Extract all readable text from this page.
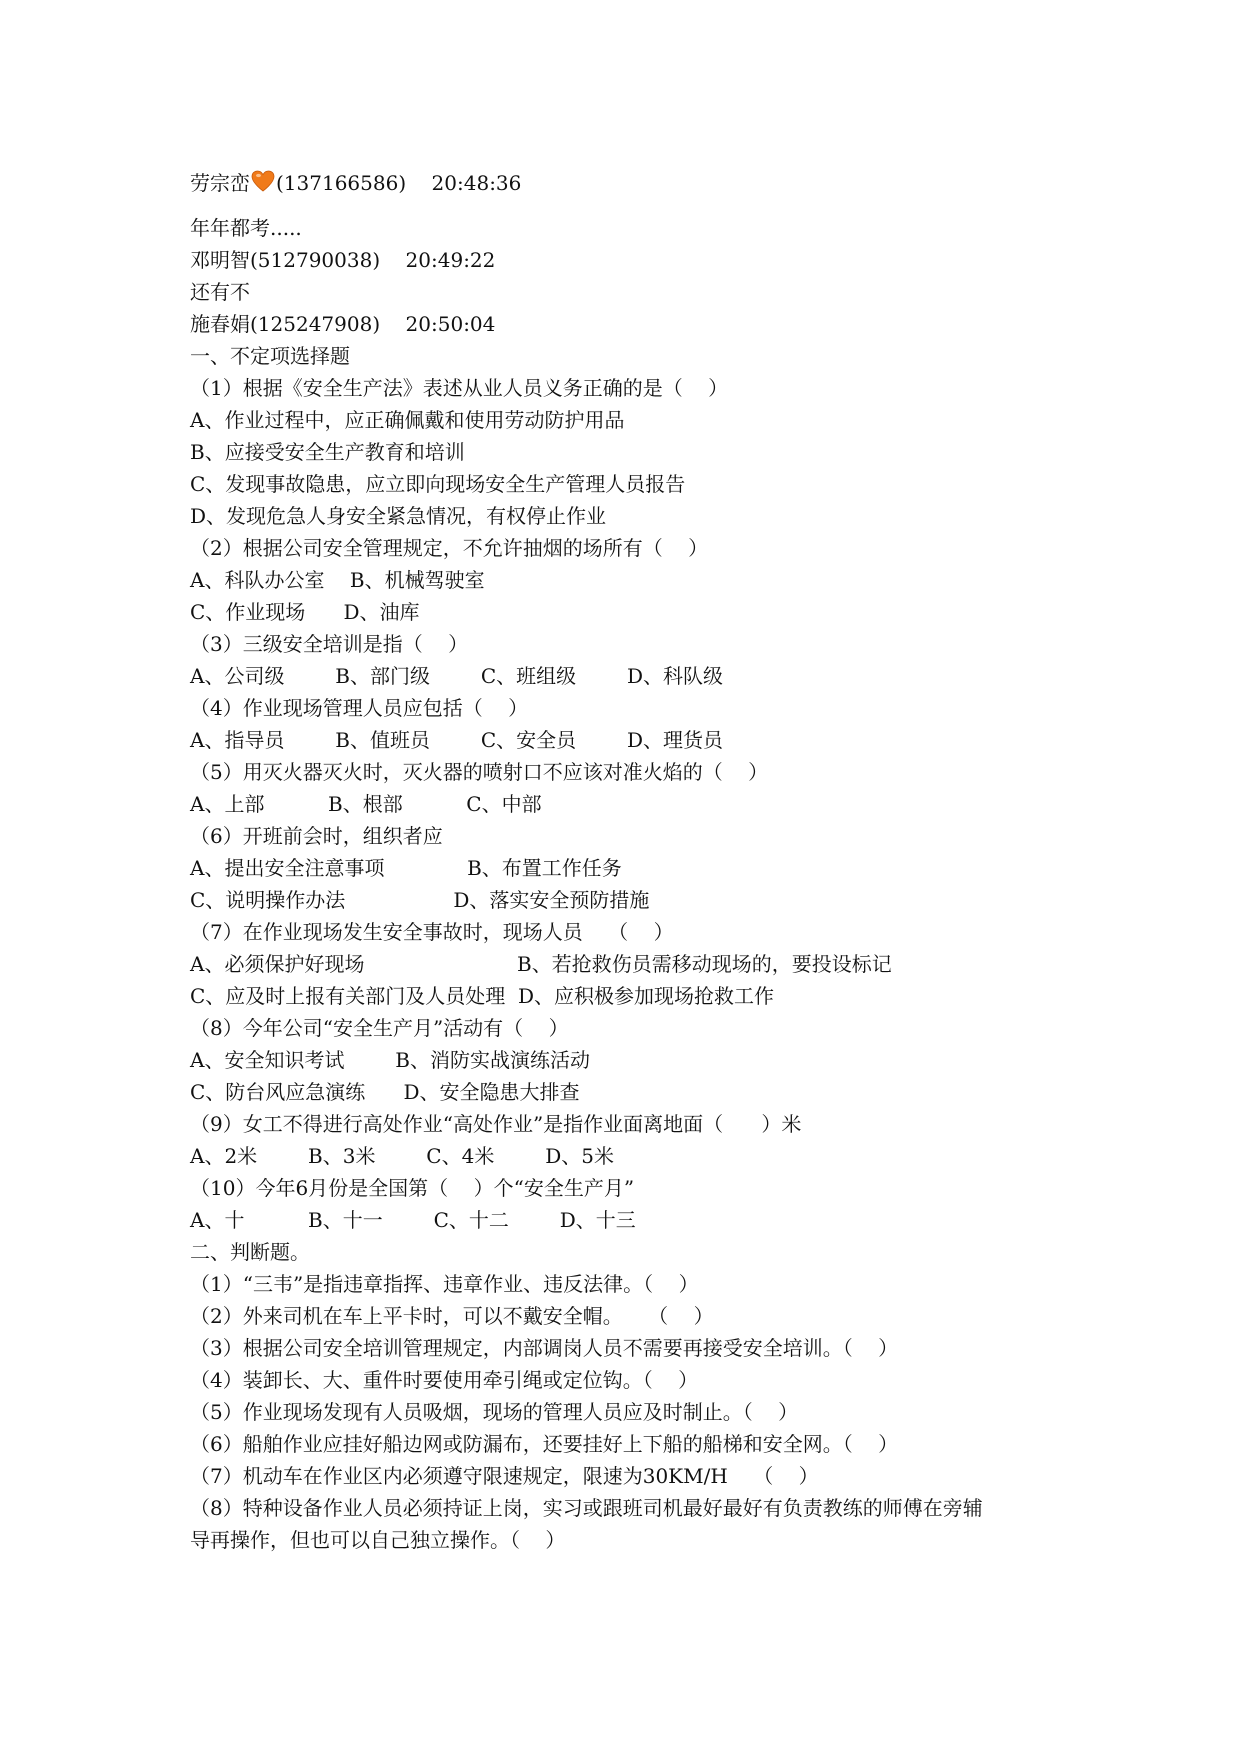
劳宗峦 (137166586)    20:48:36
年年都考.....
邓明智(512790038)    20:49:22
还有不
施春娟(125247908)    20:50:04
一、不定项选择题
（1）根据《安全生产法》表述从业人员义务正确的是（    ）
A、作业过程中，应正确佩戴和使用劳动防护用品
B、应接受安全生产教育和培训
C、发现事故隐患，应立即向现场安全生产管理人员报告
D、发现危急人身安全紧急情况，有权停止作业
（2）根据公司安全管理规定，不允许抽烟的场所有（    ）
A、科队办公室    B、机械驾驶室
C、作业现场      D、油库
（3）三级安全培训是指（    ）
A、公司级        B、部门级        C、班组级        D、科队级
（4）作业现场管理人员应包括（    ）
A、指导员        B、值班员        C、安全员        D、理货员
（5）用灭火器灭火时，灭火器的喷射口不应该对准火焰的（    ）
A、上部          B、根部          C、中部
（6）开班前会时，组织者应
A、提出安全注意事项             B、布置工作任务
C、说明操作办法                 D、落实安全预防措施
（7）在作业现场发生安全事故时，现场人员    （    ）
A、必须保护好现场                        B、若抢救伤员需移动现场的，要投设标记
C、应及时上报有关部门及人员处理  D、应积极参加现场抢救工作
（8）今年公司“安全生产月”活动有（    ）
A、安全知识考试        B、消防实战演练活动
C、防台风应急演练      D、安全隐患大排查
（9）女工不得进行高处作业“高处作业”是指作业面离地面（      ）米
A、2米        B、3米        C、4米        D、5米
（10）今年6月份是全国第（    ）个“安全生产月”
A、十          B、十一        C、十二        D、十三
二、判断题。
（1）“三韦”是指违章指挥、违章作业、违反法律。（    ）
（2）外来司机在车上平卡时，可以不戴安全帽。    （    ）
（3）根据公司安全培训管理规定，内部调岗人员不需要再接受安全培训。（    ）
（4）装卸长、大、重件时要使用牵引绳或定位钩。（    ）
（5）作业现场发现有人员吸烟，现场的管理人员应及时制止。（    ）
（6）船舶作业应挂好船边网或防漏布，还要挂好上下船的船梯和安全网。（    ）
（7）机动车在作业区内必须遵守限速规定，限速为30KM/H    （    ）
（8）特种设备作业人员必须持证上岗，实习或跟班司机最好最好有负责教练的师傅在旁辅
导再操作，但也可以自己独立操作。（    ）
